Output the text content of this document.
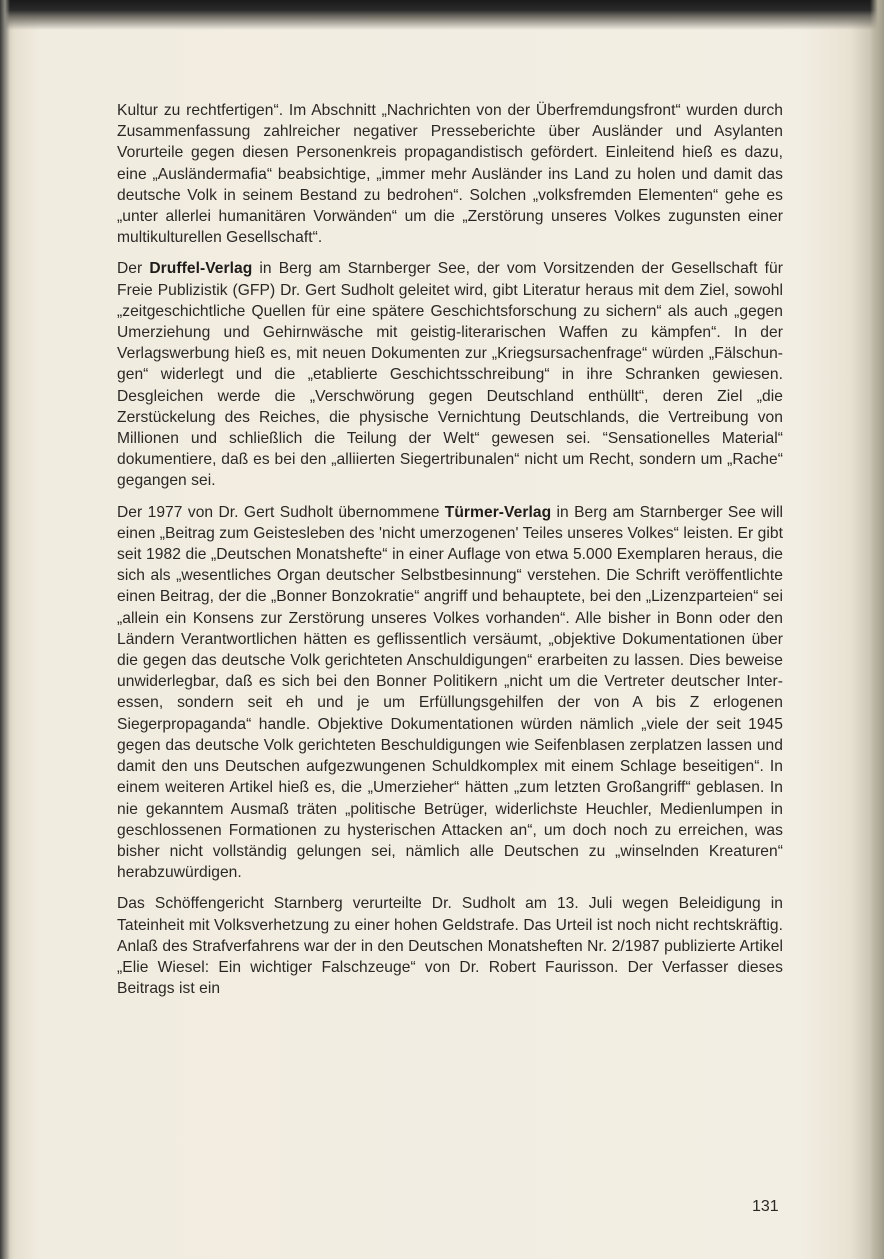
Kultur zu rechtfertigen“. Im Abschnitt „Nachrichten von der Überfremdungsfront“ wurden durch Zusammenfassung zahlreicher negativer Presseberichte über Ausländer und Asylanten Vorurteile gegen diesen Personenkreis propagandistisch gefördert. Einleitend hieß es dazu, eine „Ausländermafia“ beabsichtige, „immer mehr Ausländer ins Land zu holen und damit das deutsche Volk in seinem Bestand zu bedrohen“. Solchen „volksfremden Elementen“ gehe es „unter allerlei humanitären Vorwänden“ um die „Zerstörung unseres Volkes zugunsten einer multikulturellen Gesellschaft“.

Der Druffel-Verlag in Berg am Starnberger See, der vom Vorsitzenden der Gesellschaft für Freie Publizistik (GFP) Dr. Gert Sudholt geleitet wird, gibt Literatur heraus mit dem Ziel, sowohl „zeitgeschichtliche Quellen für eine spätere Geschichtsforschung zu sichern“ als auch „gegen Umerziehung und Gehirnwäsche mit geistig-literarischen Waffen zu kämpfen“. In der Verlagswerbung hieß es, mit neuen Dokumenten zur „Kriegsursachenfrage“ würden „Fälschungen“ widerlegt und die „etablierte Geschichtsschreibung“ in ihre Schranken gewiesen. Desgleichen werde die „Verschwörung gegen Deutschland enthüllt“, deren Ziel „die Zerstückelung des Reiches, die physische Vernichtung Deutschlands, die Vertreibung von Millionen und schließlich die Teilung der Welt“ gewesen sei. “Sensationelles Material“ dokumentiere, daß es bei den „alliierten Siegertribunalen“ nicht um Recht, sondern um „Rache“ gegangen sei.

Der 1977 von Dr. Gert Sudholt übernommene Türmer-Verlag in Berg am Starnberger See will einen „Beitrag zum Geistesleben des 'nicht umerzogenen' Teiles unseres Volkes“ leisten. Er gibt seit 1982 die „Deutschen Monatshefte“ in einer Auflage von etwa 5.000 Exemplaren heraus, die sich als „wesentliches Organ deutscher Selbstbesinnung“ verstehen. Die Schrift veröffentlichte einen Beitrag, der die „Bonner Bonzokratie“ angriff und behauptete, bei den „Lizenzparteien“ sei „allein ein Konsens zur Zerstörung unseres Volkes vorhanden“. Alle bisher in Bonn oder den Ländern Verantwortlichen hätten es geflissentlich versäumt, „objektive Dokumentationen über die gegen das deutsche Volk gerichteten Anschuldigungen“ erarbeiten zu lassen. Dies beweise unwiderlegbar, daß es sich bei den Bonner Politikern „nicht um die Vertreter deutscher Interessen, sondern seit eh und je um Erfüllungsgehilfen der von A bis Z erlogenen Siegerpropaganda“ handle. Objektive Dokumentationen würden nämlich „viele der seit 1945 gegen das deutsche Volk gerichteten Beschuldigungen wie Seifenblasen zerplatzen lassen und damit den uns Deutschen aufgezwungenen Schuldkomplex mit einem Schlage beseitigen“. In einem weiteren Artikel hieß es, die „Umerzieher“ hätten „zum letzten Großangriff“ geblasen. In nie gekanntem Ausmaß träten „politische Betrüger, widerlichste Heuchler, Medienlumpen in geschlossenen Formationen zu hysterischen Attacken an“, um doch noch zu erreichen, was bisher nicht vollständig gelungen sei, nämlich alle Deutschen zu „winselnden Kreaturen“ herabzuwürdigen.

Das Schöffengericht Starnberg verurteilte Dr. Sudholt am 13. Juli wegen Beleidigung in Tateinheit mit Volksverhetzung zu einer hohen Geldstrafe. Das Urteil ist noch nicht rechtskräftig. Anlaß des Strafverfahrens war der in den Deutschen Monatsheften Nr. 2/1987 publizierte Artikel „Elie Wiesel: Ein wichtiger Falschzeuge“ von Dr. Robert Faurisson. Der Verfasser dieses Beitrags ist ein

131
